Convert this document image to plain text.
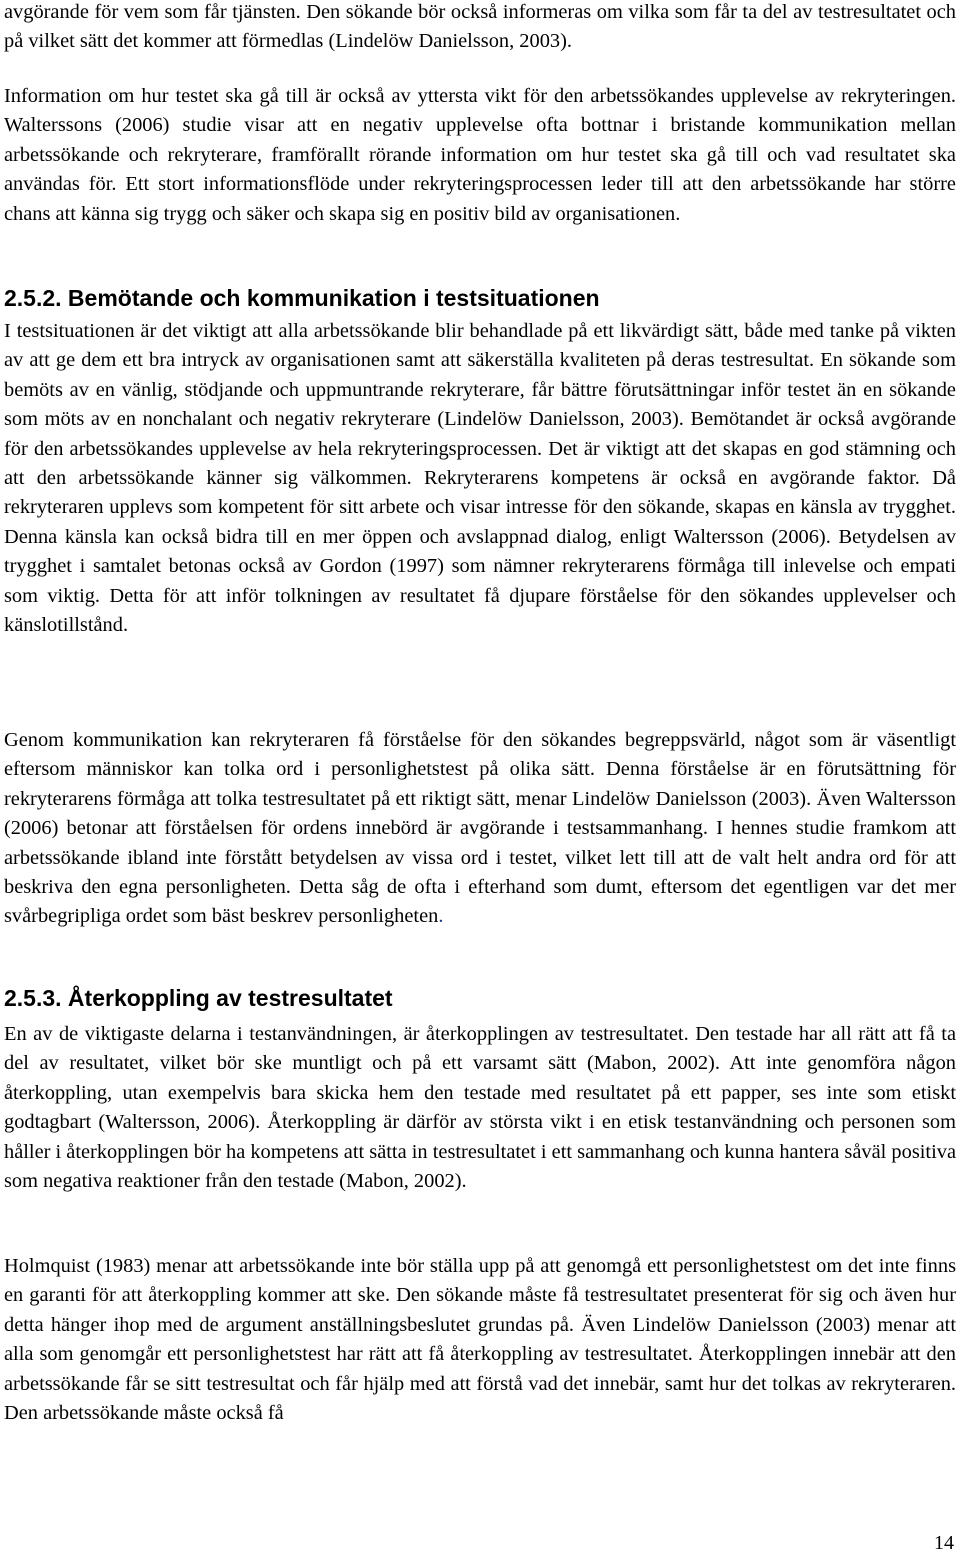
avgörande för vem som får tjänsten. Den sökande bör också informeras om vilka som får ta del av testresultatet och på vilket sätt det kommer att förmedlas (Lindelöw Danielsson, 2003).

Information om hur testet ska gå till är också av yttersta vikt för den arbetssökandes upplevelse av rekryteringen. Walterssons (2006) studie visar att en negativ upplevelse ofta bottnar i bristande kommunikation mellan arbetssökande och rekryterare, framförallt rörande information om hur testet ska gå till och vad resultatet ska användas för. Ett stort informationsflöde under rekryteringsprocessen leder till att den arbetssökande har större chans att känna sig trygg och säker och skapa sig en positiv bild av organisationen.

2.5.2. Bemötande och kommunikation i testsituationen

I testsituationen är det viktigt att alla arbetssökande blir behandlade på ett likvärdigt sätt, både med tanke på vikten av att ge dem ett bra intryck av organisationen samt att säkerställa kvaliteten på deras testresultat. En sökande som bemöts av en vänlig, stödjande och uppmuntrande rekryterare, får bättre förutsättningar inför testet än en sökande som möts av en nonchalant och negativ rekryterare (Lindelöw Danielsson, 2003). Bemötandet är också avgörande för den arbetssökandes upplevelse av hela rekryteringsprocessen. Det är viktigt att det skapas en god stämning och att den arbetssökande känner sig välkommen. Rekryterarens kompetens är också en avgörande faktor. Då rekryteraren upplevs som kompetent för sitt arbete och visar intresse för den sökande, skapas en känsla av trygghet. Denna känsla kan också bidra till en mer öppen och avslappnad dialog, enligt Waltersson (2006). Betydelsen av trygghet i samtalet betonas också av Gordon (1997) som nämner rekryterarens förmåga till inlevelse och empati som viktig. Detta för att inför tolkningen av resultatet få djupare förståelse för den sökandes upplevelser och känslotillstånd.

Genom kommunikation kan rekryteraren få förståelse för den sökandes begreppsvärld, något som är väsentligt eftersom människor kan tolka ord i personlighetstest på olika sätt. Denna förståelse är en förutsättning för rekryterarens förmåga att tolka testresultatet på ett riktigt sätt, menar Lindelöw Danielsson (2003). Även Waltersson (2006) betonar att förståelsen för ordens innebörd är avgörande i testsammanhang. I hennes studie framkom att arbetssökande ibland inte förstått betydelsen av vissa ord i testet, vilket lett till att de valt helt andra ord för att beskriva den egna personligheten. Detta såg de ofta i efterhand som dumt, eftersom det egentligen var det mer svårbegripliga ordet som bäst beskrev personligheten.

2.5.3. Återkoppling av testresultatet

En av de viktigaste delarna i testanvändningen, är återkopplingen av testresultatet. Den testade har all rätt att få ta del av resultatet, vilket bör ske muntligt och på ett varsamt sätt (Mabon, 2002). Att inte genomföra någon återkoppling, utan exempelvis bara skicka hem den testade med resultatet på ett papper, ses inte som etiskt godtagbart (Waltersson, 2006). Återkoppling är därför av största vikt i en etisk testanvändning och personen som håller i återkopplingen bör ha kompetens att sätta in testresultatet i ett sammanhang och kunna hantera såväl positiva som negativa reaktioner från den testade (Mabon, 2002).

Holmquist (1983) menar att arbetssökande inte bör ställa upp på att genomgå ett personlighetstest om det inte finns en garanti för att återkoppling kommer att ske. Den sökande måste få testresultatet presenterat för sig och även hur detta hänger ihop med de argument anställningsbeslutet grundas på. Även Lindelöw Danielsson (2003) menar att alla som genomgår ett personlighetstest har rätt att få återkoppling av testresultatet. Återkopplingen innebär att den arbetssökande får se sitt testresultat och får hjälp med att förstå vad det innebär, samt hur det tolkas av rekryteraren. Den arbetssökande måste också få

14
